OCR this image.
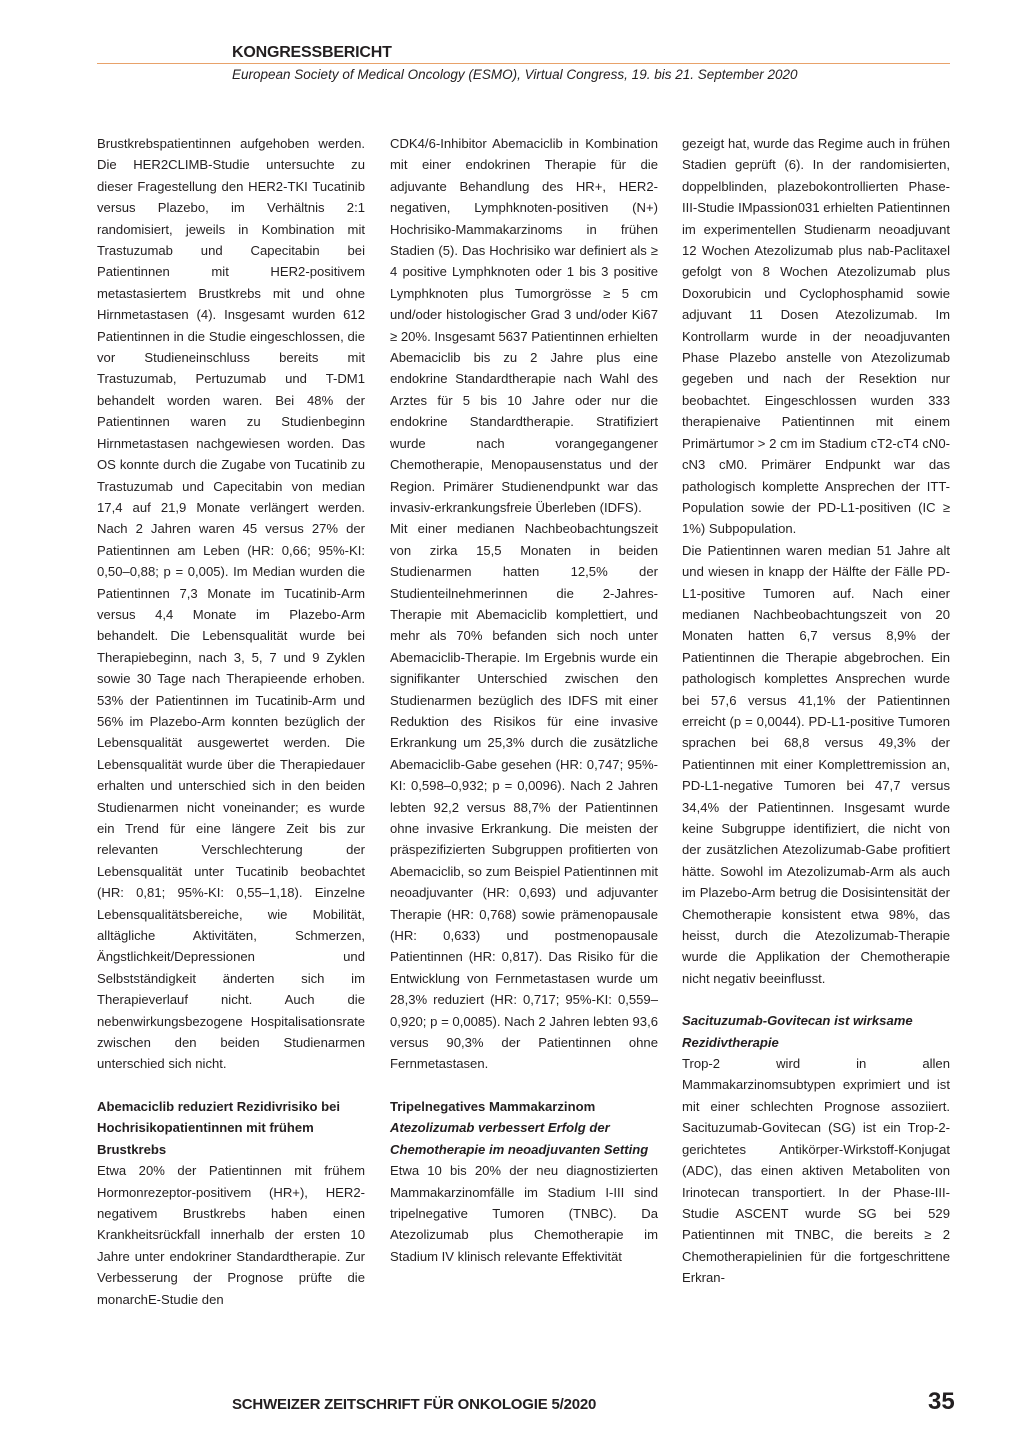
KONGRESSBERICHT
European Society of Medical Oncology (ESMO), Virtual Congress, 19. bis 21. September 2020

Brustkrebspatientinnen aufgehoben werden. Die HER2CLIMB-Studie untersuchte zu dieser Fragestellung den HER2-TKI Tucatinib versus Plazebo, im Verhältnis 2:1 randomisiert, jeweils in Kombination mit Trastuzumab und Capecitabin bei Patientinnen mit HER2-positivem metastasiertem Brustkrebs mit und ohne Hirnmetastasen (4). Insgesamt wurden 612 Patientinnen in die Studie eingeschlossen, die vor Studieneinschluss bereits mit Trastuzumab, Pertuzumab und T-DM1 behandelt worden waren. Bei 48% der Patientinnen waren zu Studienbeginn Hirnmetastasen nachgewiesen worden. Das OS konnte durch die Zugabe von Tucatinib zu Trastuzumab und Capecitabin von median 17,4 auf 21,9 Monate verlängert werden. Nach 2 Jahren waren 45 versus 27% der Patientinnen am Leben (HR: 0,66; 95%-KI: 0,50–0,88; p = 0,005). Im Median wurden die Patientinnen 7,3 Monate im Tucatinib-Arm versus 4,4 Monate im Plazebo-Arm behandelt. Die Lebensqualität wurde bei Therapiebeginn, nach 3, 5, 7 und 9 Zyklen sowie 30 Tage nach Therapieende erhoben. 53% der Patientinnen im Tucatinib-Arm und 56% im Plazebo-Arm konnten bezüglich der Lebensqualität ausgewertet werden. Die Lebensqualität wurde über die Therapiedauer erhalten und unterschied sich in den beiden Studienarmen nicht voneinander; es wurde ein Trend für eine längere Zeit bis zur relevanten Verschlechterung der Lebensqualität unter Tucatinib beobachtet (HR: 0,81; 95%-KI: 0,55–1,18). Einzelne Lebensqualitätsbereiche, wie Mobilität, alltägliche Aktivitäten, Schmerzen, Ängstlichkeit/Depressionen und Selbstständigkeit änderten sich im Therapieverlauf nicht. Auch die nebenwirkungsbezogene Hospitalisationsrate zwischen den beiden Studienarmen unterschied sich nicht.

Abemaciclib reduziert Rezidivrisiko bei Hochrisikopatientinnen mit frühem Brustkrebs

Etwa 20% der Patientinnen mit frühem Hormonrezeptor-positivem (HR+), HER2-negativem Brustkrebs haben einen Krankheitsrückfall innerhalb der ersten 10 Jahre unter endokriner Standardtherapie. Zur Verbesserung der Prognose prüfte die monarchE-Studie den

CDK4/6-Inhibitor Abemaciclib in Kombination mit einer endokrinen Therapie für die adjuvante Behandlung des HR+, HER2-negativen, Lymphknoten-positiven (N+) Hochrisiko-Mammakarzinoms in frühen Stadien (5). Das Hochrisiko war definiert als ≥ 4 positive Lymphknoten oder 1 bis 3 positive Lymphknoten plus Tumorgrösse ≥ 5 cm und/oder histologischer Grad 3 und/oder Ki67 ≥ 20%. Insgesamt 5637 Patientinnen erhielten Abemaciclib bis zu 2 Jahre plus eine endokrine Standardtherapie nach Wahl des Arztes für 5 bis 10 Jahre oder nur die endokrine Standardtherapie. Stratifiziert wurde nach vorangegangener Chemotherapie, Menopausenstatus und der Region. Primärer Studienendpunkt war das invasiv-erkrankungsfreie Überleben (IDFS).

Mit einer medianen Nachbeobachtungszeit von zirka 15,5 Monaten in beiden Studienarmen hatten 12,5% der Studienteilnehmerinnen die 2-Jahres-Therapie mit Abemaciclib komplettiert, und mehr als 70% befanden sich noch unter Abemaciclib-Therapie. Im Ergebnis wurde ein signifikanter Unterschied zwischen den Studienarmen bezüglich des IDFS mit einer Reduktion des Risikos für eine invasive Erkrankung um 25,3% durch die zusätzliche Abemaciclib-Gabe gesehen (HR: 0,747; 95%-KI: 0,598–0,932; p = 0,0096). Nach 2 Jahren lebten 92,2 versus 88,7% der Patientinnen ohne invasive Erkrankung. Die meisten der präspezifizierten Subgruppen profitierten von Abemaciclib, so zum Beispiel Patientinnen mit neoadjuvanter (HR: 0,693) und adjuvanter Therapie (HR: 0,768) sowie prämenopausale (HR: 0,633) und postmenopausale Patientinnen (HR: 0,817). Das Risiko für die Entwicklung von Fernmetastasen wurde um 28,3% reduziert (HR: 0,717; 95%-KI: 0,559–0,920; p = 0,0085). Nach 2 Jahren lebten 93,6 versus 90,3% der Patientinnen ohne Fernmetastasen.

Tripelnegatives Mammakarzinom
Atezolizumab verbessert Erfolg der Chemotherapie im neoadjuvanten Setting

Etwa 10 bis 20% der neu diagnostizierten Mammakarzinomfälle im Stadium I-III sind tripelnegative Tumoren (TNBC). Da Atezolizumab plus Chemotherapie im Stadium IV klinisch relevante Effektivität

gezeigt hat, wurde das Regime auch in frühen Stadien geprüft (6). In der randomisierten, doppelblinden, plazebokontrollierten Phase-III-Studie IMpassion031 erhielten Patientinnen im experimentellen Studienarm neoadjuvant 12 Wochen Atezolizumab plus nab-Paclitaxel gefolgt von 8 Wochen Atezolizumab plus Doxorubicin und Cyclophosphamid sowie adjuvant 11 Dosen Atezolizumab. Im Kontrollarm wurde in der neoadjuvanten Phase Plazebo anstelle von Atezolizumab gegeben und nach der Resektion nur beobachtet. Eingeschlossen wurden 333 therapienaive Patientinnen mit einem Primärtumor > 2 cm im Stadium cT2-cT4 cN0-cN3 cM0. Primärer Endpunkt war das pathologisch komplette Ansprechen der ITT-Population sowie der PD-L1-positiven (IC ≥ 1%) Subpopulation.

Die Patientinnen waren median 51 Jahre alt und wiesen in knapp der Hälfte der Fälle PD-L1-positive Tumoren auf. Nach einer medianen Nachbeobachtungszeit von 20 Monaten hatten 6,7 versus 8,9% der Patientinnen die Therapie abgebrochen. Ein pathologisch komplettes Ansprechen wurde bei 57,6 versus 41,1% der Patientinnen erreicht (p = 0,0044). PD-L1-positive Tumoren sprachen bei 68,8 versus 49,3% der Patientinnen mit einer Komplettremission an, PD-L1-negative Tumoren bei 47,7 versus 34,4% der Patientinnen. Insgesamt wurde keine Subgruppe identifiziert, die nicht von der zusätzlichen Atezolizumab-Gabe profitiert hätte. Sowohl im Atezolizumab-Arm als auch im Plazebo-Arm betrug die Dosisintensität der Chemotherapie konsistent etwa 98%, das heisst, durch die Atezolizumab-Therapie wurde die Applikation der Chemotherapie nicht negativ beeinflusst.

Sacituzumab-Govitecan ist wirksame Rezidivtherapie

Trop-2 wird in allen Mammakarzinomsubtypen exprimiert und ist mit einer schlechten Prognose assoziiert. Sacituzumab-Govitecan (SG) ist ein Trop-2-gerichtetes Antikörper-Wirkstoff-Konjugat (ADC), das einen aktiven Metaboliten von Irinotecan transportiert. In der Phase-III-Studie ASCENT wurde SG bei 529 Patientinnen mit TNBC, die bereits ≥ 2 Chemotherapielinien für die fortgeschrittene Erkran-

SCHWEIZER ZEITSCHRIFT FÜR ONKOLOGIE 5/2020	35
